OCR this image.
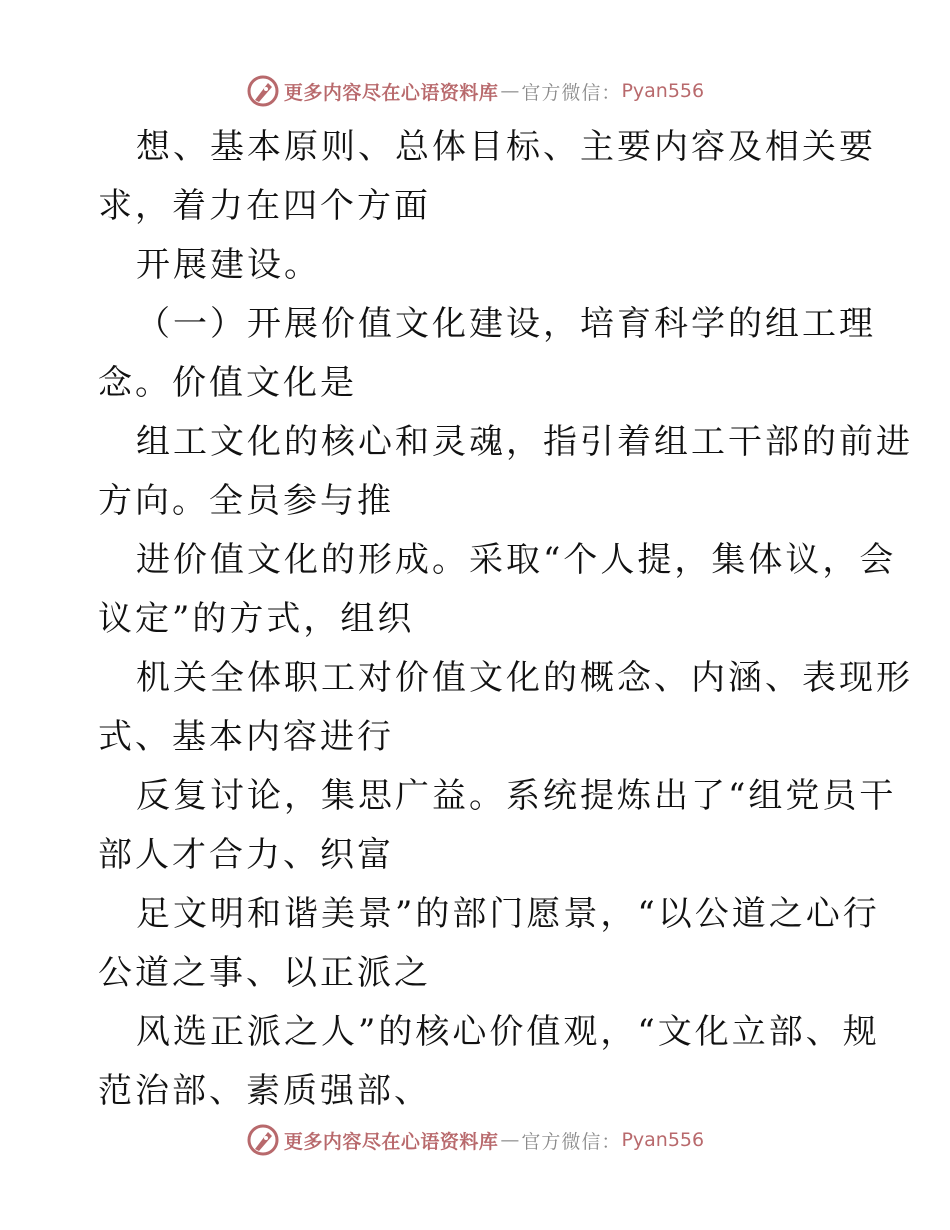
更多内容尽在心语资料库 — 官方微信： Pyan556
想、基本原则、总体目标、主要内容及相关要
求，着力在四个方面
开展建设。
（一）开展价值文化建设，培育科学的组工理
念。价值文化是
组工文化的核心和灵魂，指引着组工干部的前进
方向。全员参与推
进价值文化的形成。采取“个人提，集体议，会
议定”的方式，组织
机关全体职工对价值文化的概念、内涵、表现形
式、基本内容进行
反复讨论，集思广益。系统提炼出了“组党员干
部人才合力、织富
足文明和谐美景”的部门愿景，“以公道之心行
公道之事、以正派之
风选正派之人”的核心价值观，“文化立部、规
范治部、素质强部、
更多内容尽在心语资料库 — 官方微信： Pyan556
